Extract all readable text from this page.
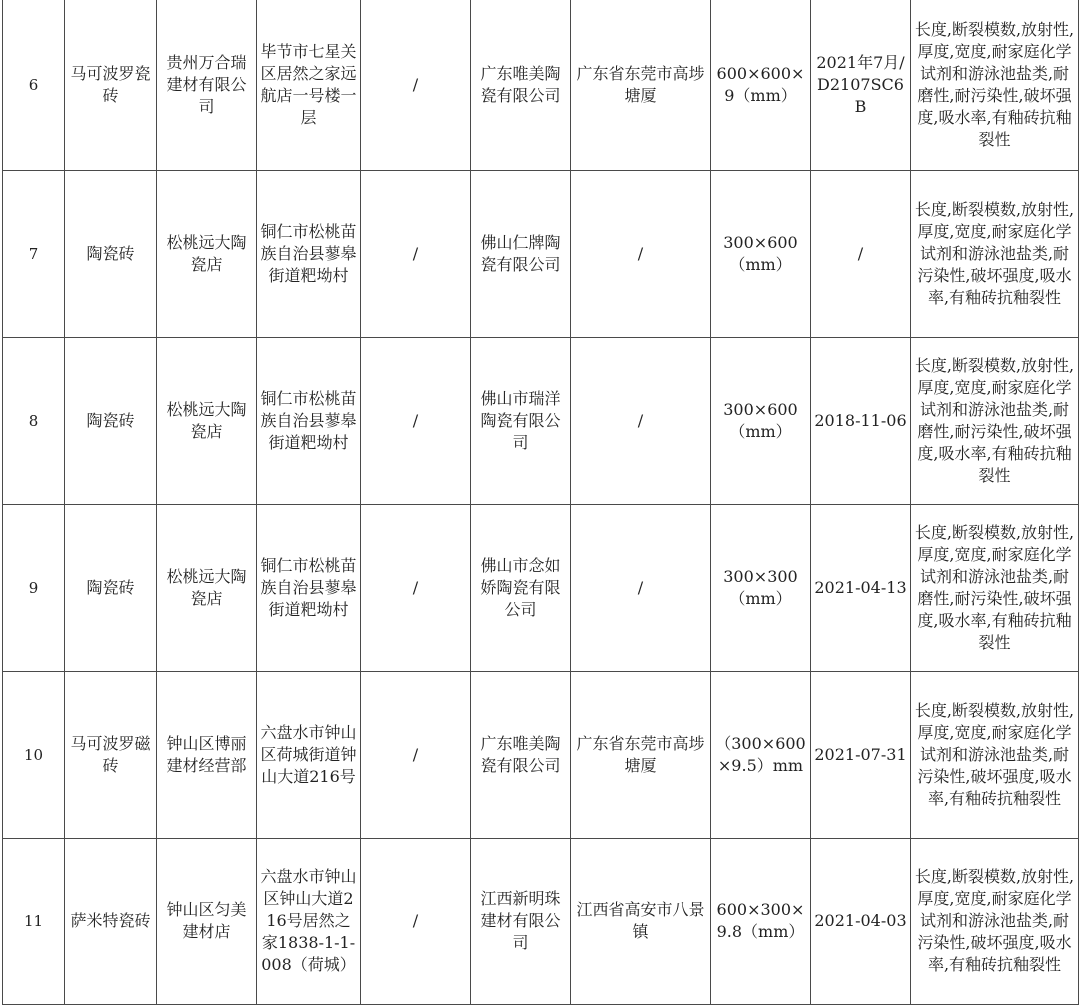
6	马可波罗瓷砖	贵州万合瑞建材有限公司	毕节市七星关区居然之家远航店一号楼一层	/	广东唯美陶瓷有限公司	广东省东莞市高埗塘厦	600×600×9（mm）	2021年7月/D2107SC6B	长度,断裂模数,放射性,厚度,宽度,耐家庭化学试剂和游泳池盐类,耐磨性,耐污染性,破坏强度,吸水率,有釉砖抗釉裂性
7	陶瓷砖	松桃远大陶瓷店	铜仁市松桃苗族自治县蓼皋街道粑坳村	/	佛山仁牌陶瓷有限公司	/	300×600（mm）	/	长度,断裂模数,放射性,厚度,宽度,耐家庭化学试剂和游泳池盐类,耐污染性,破坏强度,吸水率,有釉砖抗釉裂性
8	陶瓷砖	松桃远大陶瓷店	铜仁市松桃苗族自治县蓼皋街道粑坳村	/	佛山市瑞洋陶瓷有限公司	/	300×600（mm）	2018-11-06	长度,断裂模数,放射性,厚度,宽度,耐家庭化学试剂和游泳池盐类,耐磨性,耐污染性,破坏强度,吸水率,有釉砖抗釉裂性
9	陶瓷砖	松桃远大陶瓷店	铜仁市松桃苗族自治县蓼皋街道粑坳村	/	佛山市念如娇陶瓷有限公司	/	300×300（mm）	2021-04-13	长度,断裂模数,放射性,厚度,宽度,耐家庭化学试剂和游泳池盐类,耐磨性,耐污染性,破坏强度,吸水率,有釉砖抗釉裂性
10	马可波罗磁砖	钟山区博丽建材经营部	六盘水市钟山区荷城街道钟山大道216号	/	广东唯美陶瓷有限公司	广东省东莞市高埗塘厦	（300×600×9.5）mm	2021-07-31	长度,断裂模数,放射性,厚度,宽度,耐家庭化学试剂和游泳池盐类,耐污染性,破坏强度,吸水率,有釉砖抗釉裂性
11	萨米特瓷砖	钟山区匀美建材店	六盘水市钟山区钟山大道216号居然之家1838-1-1-008（荷城）	/	江西新明珠建材有限公司	江西省高安市八景镇	600×300×9.8（mm）	2021-04-03	长度,断裂模数,放射性,厚度,宽度,耐家庭化学试剂和游泳池盐类,耐污染性,破坏强度,吸水率,有釉砖抗釉裂性
